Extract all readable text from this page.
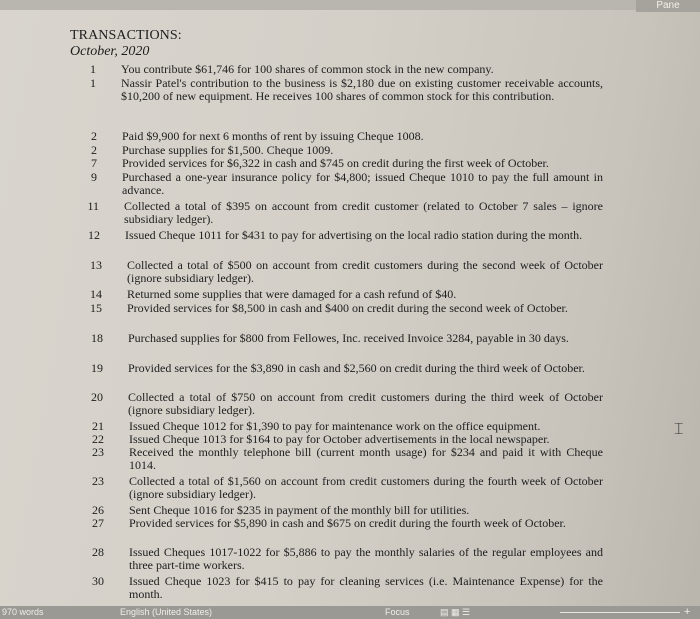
Pane
TRANSACTIONS:
October, 2020
1 You contribute $61,746 for 100 shares of common stock in the new company.
1 Nassir Patel's contribution to the business is $2,180 due on existing customer receivable accounts, $10,200 of new equipment. He receives 100 shares of common stock for this contribution.
2 Paid $9,900 for next 6 months of rent by issuing Cheque 1008.
2 Purchase supplies for $1,500. Cheque 1009.
7 Provided services for $6,322 in cash and $745 on credit during the first week of October.
9 Purchased a one-year insurance policy for $4,800; issued Cheque 1010 to pay the full amount in advance.
11 Collected a total of $395 on account from credit customer (related to October 7 sales – ignore subsidiary ledger).
12 Issued Cheque 1011 for $431 to pay for advertising on the local radio station during the month.
13 Collected a total of $500 on account from credit customers during the second week of October (ignore subsidiary ledger).
14 Returned some supplies that were damaged for a cash refund of $40.
15 Provided services for $8,500 in cash and $400 on credit during the second week of October.
18 Purchased supplies for $800 from Fellowes, Inc. received Invoice 3284, payable in 30 days.
19 Provided services for the $3,890 in cash and $2,560 on credit during the third week of October.
20 Collected a total of $750 on account from credit customers during the third week of October (ignore subsidiary ledger).
21 Issued Cheque 1012 for $1,390 to pay for maintenance work on the office equipment.
22 Issued Cheque 1013 for $164 to pay for October advertisements in the local newspaper.
23 Received the monthly telephone bill (current month usage) for $234 and paid it with Cheque 1014.
23 Collected a total of $1,560 on account from credit customers during the fourth week of October (ignore subsidiary ledger).
26 Sent Cheque 1016 for $235 in payment of the monthly bill for utilities.
27 Provided services for $5,890 in cash and $675 on credit during the fourth week of October.
28 Issued Cheques 1017-1022 for $5,886 to pay the monthly salaries of the regular employees and three part-time workers.
30 Issued Cheque 1023 for $415 to pay for cleaning services (i.e. Maintenance Expense) for the month.
⌶
970 words	English (United States)	Focus	▤ ▦ ☰	+
